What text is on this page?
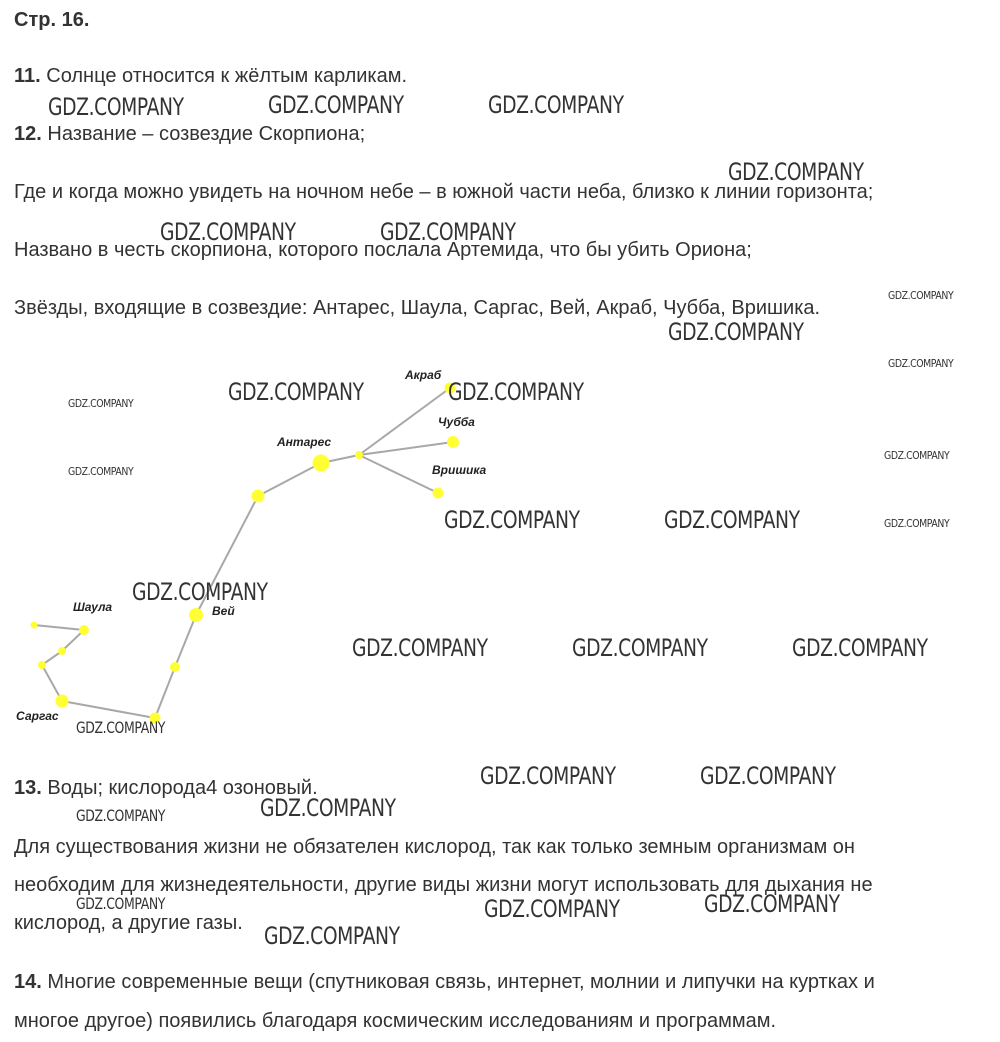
Стр. 16.
11. Солнце относится к жёлтым карликам.
12. Название – созвездие Скорпиона;
Где и когда можно увидеть на ночном небе – в южной части неба, близко к линии горизонта;
Названо в честь скорпиона, которого послала Артемида, что бы убить Ориона;
Звёзды, входящие в созвездие: Антарес, Шаула, Саргас, Вей, Акраб, Чубба, Вришика.
Акраб
Чубба
Антарес
Вришика
Шаула	Вей
Саргас
13. Воды; кислорода4 озоновый.
Для существования жизни не обязателен кислород, так как только земным организмам он
необходим для жизнедеятельности, другие виды жизни могут использовать для дыхания не
кислород, а другие газы.
14. Многие современные вещи (спутниковая связь, интернет, молнии и липучки на куртках и
многое другое) появились благодаря космическим исследованиям и программам.
GDZ.COMPANY	GDZ.COMPANY	GDZ.COMPANY
GDZ.COMPANY
GDZ.COMPANY	GDZ.COMPANY
GDZ.COMPANY
GDZ.COMPANY
GDZ.COMPANY
GDZ.COMPANY	GDZ.COMPANY
GDZ.COMPANY
GDZ.COMPANY
GDZ.COMPANY
GDZ.COMPANY	GDZ.COMPANY	GDZ.COMPANY
GDZ.COMPANY
GDZ.COMPANY	GDZ.COMPANY	GDZ.COMPANY
GDZ.COMPANY
GDZ.COMPANY	GDZ.COMPANY
GDZ.COMPANY
GDZ.COMPANY
GDZ.COMPANY	GDZ.COMPANY
GDZ.COMPANY
GDZ.COMPANY
